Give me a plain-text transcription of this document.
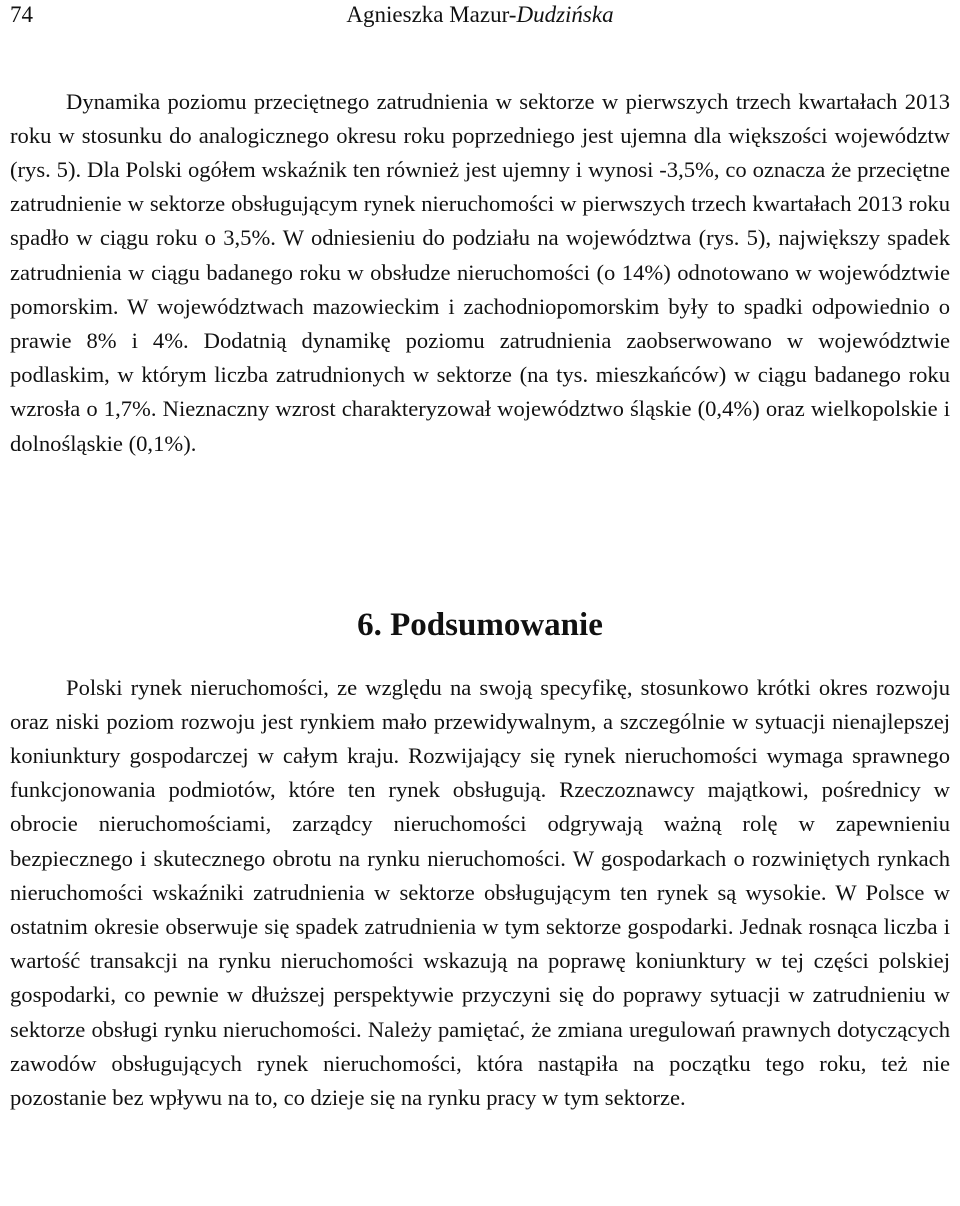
74	Agnieszka Mazur-Dudzińska

Dynamika poziomu przeciętnego zatrudnienia w sektorze w pierwszych trzech kwartałach 2013 roku w stosunku do analogicznego okresu roku poprzedniego jest ujemna dla większości województw (rys. 5). Dla Polski ogółem wskaźnik ten również jest ujemny i wynosi -3,5%, co oznacza że przeciętne zatrudnienie w sektorze obsługującym rynek nieruchomości w pierwszych trzech kwartałach 2013 roku spadło w ciągu roku o 3,5%. W odniesieniu do podziału na województwa (rys. 5), największy spadek zatrudnienia w ciągu badanego roku w obsłudze nieruchomości (o 14%) odnotowano w województwie pomorskim. W województwach mazowieckim i zachodniopomorskim były to spadki odpowiednio o prawie 8% i 4%. Dodatnią dynamikę poziomu zatrudnienia zaobserwowano w województwie podlaskim, w którym liczba zatrudnionych w sektorze (na tys. mieszkańców) w ciągu badanego roku wzrosła o 1,7%. Nieznaczny wzrost charakteryzował województwo śląskie (0,4%) oraz wielkopolskie i dolnośląskie (0,1%).

6. Podsumowanie

Polski rynek nieruchomości, ze względu na swoją specyfikę, stosunkowo krótki okres rozwoju oraz niski poziom rozwoju jest rynkiem mało przewidywalnym, a szczególnie w sytuacji nienajlepszej koniunktury gospodarczej w całym kraju. Rozwijający się rynek nieruchomości wymaga sprawnego funkcjonowania podmiotów, które ten rynek obsługują. Rzeczoznawcy majątkowi, pośrednicy w obrocie nieruchomościami, zarządcy nieruchomości odgrywają ważną rolę w zapewnieniu bezpiecznego i skutecznego obrotu na rynku nieruchomości. W gospodarkach o rozwiniętych rynkach nieruchomości wskaźniki zatrudnienia w sektorze obsługującym ten rynek są wysokie. W Polsce w ostatnim okresie obserwuje się spadek zatrudnienia w tym sektorze gospodarki. Jednak rosnąca liczba i wartość transakcji na rynku nieruchomości wskazują na poprawę koniunktury w tej części polskiej gospodarki, co pewnie w dłuższej perspektywie przyczyni się do poprawy sytuacji w zatrudnieniu w sektorze obsługi rynku nieruchomości. Należy pamiętać, że zmiana uregulowań prawnych dotyczących zawodów obsługujących rynek nieruchomości, która nastąpiła na początku tego roku, też nie pozostanie bez wpływu na to, co dzieje się na rynku pracy w tym sektorze.
